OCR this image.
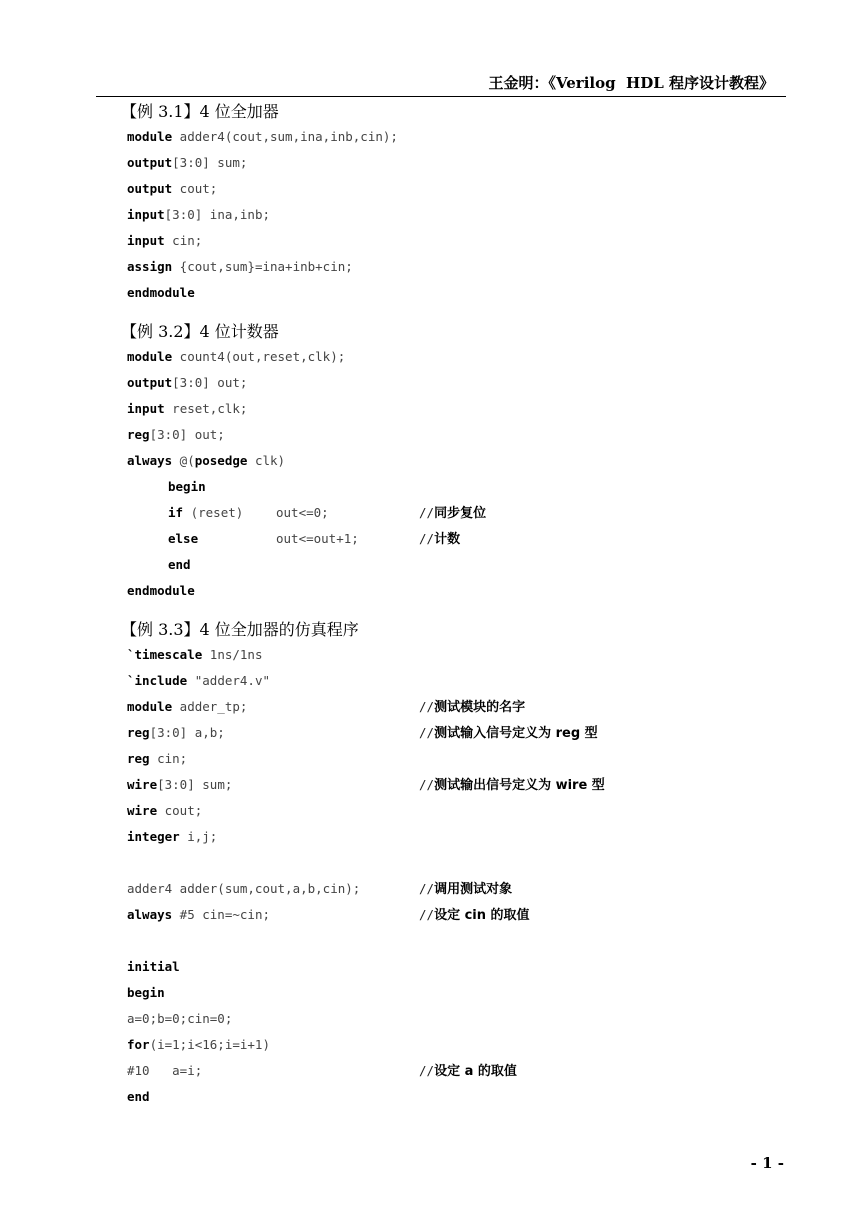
王金明：《Verilog  HDL 程序设计教程》
【例 3.1】4 位全加器
module adder4(cout,sum,ina,inb,cin);
output[3:0] sum;
output cout;
input[3:0] ina,inb;
input cin;
assign {cout,sum}=ina+inb+cin;
endmodule
【例 3.2】4 位计数器
module count4(out,reset,clk);
output[3:0] out;
input reset,clk;
reg[3:0] out;
always @(posedge clk)
begin
if (reset)	out<=0;	//同步复位
else	out<=out+1;	//计数
end
endmodule
【例 3.3】4 位全加器的仿真程序
`timescale 1ns/1ns
`include "adder4.v"
module adder_tp;	//测试模块的名字
reg[3:0] a,b;	//测试输入信号定义为 reg 型
reg cin;
wire[3:0] sum;	//测试输出信号定义为 wire 型
wire cout;
integer i,j;
adder4 adder(sum,cout,a,b,cin);	//调用测试对象
always #5 cin=~cin;	//设定 cin 的取值
initial
begin
a=0;b=0;cin=0;
for(i=1;i<16;i=i+1)
#10   a=i;	//设定 a 的取值
end
- 1 -
